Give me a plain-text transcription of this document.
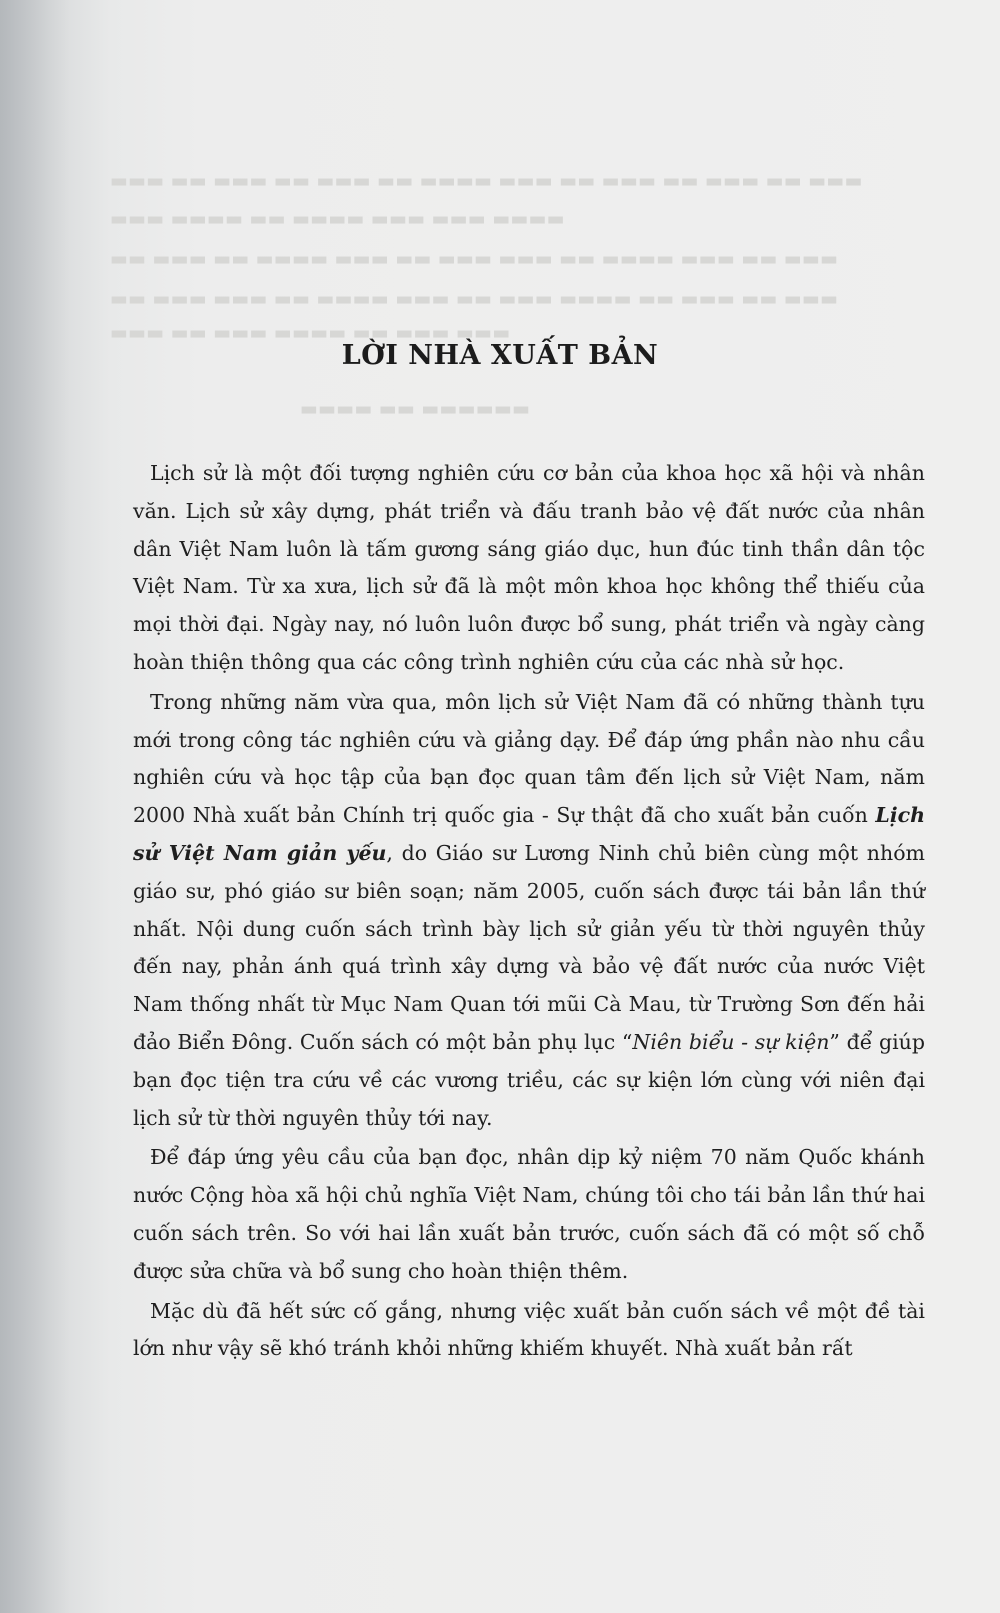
▬▬▬ ▬▬ ▬▬▬ ▬▬ ▬▬▬ ▬▬ ▬▬▬▬ ▬▬▬ ▬▬ ▬▬▬ ▬▬ ▬▬▬ ▬▬ ▬▬▬
▬▬▬ ▬▬▬▬ ▬▬ ▬▬▬▬ ▬▬▬ ▬▬▬ ▬▬▬▬
▬▬ ▬▬▬ ▬▬ ▬▬▬▬ ▬▬▬ ▬▬ ▬▬▬ ▬▬▬ ▬▬ ▬▬▬▬ ▬▬▬ ▬▬ ▬▬▬
▬▬ ▬▬▬ ▬▬▬ ▬▬ ▬▬▬▬ ▬▬▬ ▬▬ ▬▬▬ ▬▬▬▬ ▬▬ ▬▬▬ ▬▬ ▬▬▬
▬▬▬ ▬▬ ▬▬▬ ▬▬▬▬ ▬▬ ▬▬▬ ▬▬▬
▬▬▬▬ ▬▬ ▬▬▬▬▬▬
LỜI NHÀ XUẤT BẢN

Lịch sử là một đối tượng nghiên cứu cơ bản của khoa học xã hội và nhân văn. Lịch sử xây dựng, phát triển và đấu tranh bảo vệ đất nước của nhân dân Việt Nam luôn là tấm gương sáng giáo dục, hun đúc tinh thần dân tộc Việt Nam. Từ xa xưa, lịch sử đã là một môn khoa học không thể thiếu của mọi thời đại. Ngày nay, nó luôn luôn được bổ sung, phát triển và ngày càng hoàn thiện thông qua các công trình nghiên cứu của các nhà sử học.

Trong những năm vừa qua, môn lịch sử Việt Nam đã có những thành tựu mới trong công tác nghiên cứu và giảng dạy. Để đáp ứng phần nào nhu cầu nghiên cứu và học tập của bạn đọc quan tâm đến lịch sử Việt Nam, năm 2000 Nhà xuất bản Chính trị quốc gia - Sự thật đã cho xuất bản cuốn Lịch sử Việt Nam giản yếu, do Giáo sư Lương Ninh chủ biên cùng một nhóm giáo sư, phó giáo sư biên soạn; năm 2005, cuốn sách được tái bản lần thứ nhất. Nội dung cuốn sách trình bày lịch sử giản yếu từ thời nguyên thủy đến nay, phản ánh quá trình xây dựng và bảo vệ đất nước của nước Việt Nam thống nhất từ Mục Nam Quan tới mũi Cà Mau, từ Trường Sơn đến hải đảo Biển Đông. Cuốn sách có một bản phụ lục “Niên biểu - sự kiện” để giúp bạn đọc tiện tra cứu về các vương triều, các sự kiện lớn cùng với niên đại lịch sử từ thời nguyên thủy tới nay.

Để đáp ứng yêu cầu của bạn đọc, nhân dịp kỷ niệm 70 năm Quốc khánh nước Cộng hòa xã hội chủ nghĩa Việt Nam, chúng tôi cho tái bản lần thứ hai cuốn sách trên. So với hai lần xuất bản trước, cuốn sách đã có một số chỗ được sửa chữa và bổ sung cho hoàn thiện thêm.

Mặc dù đã hết sức cố gắng, nhưng việc xuất bản cuốn sách về một đề tài lớn như vậy sẽ khó tránh khỏi những khiếm khuyết. Nhà xuất bản rất
